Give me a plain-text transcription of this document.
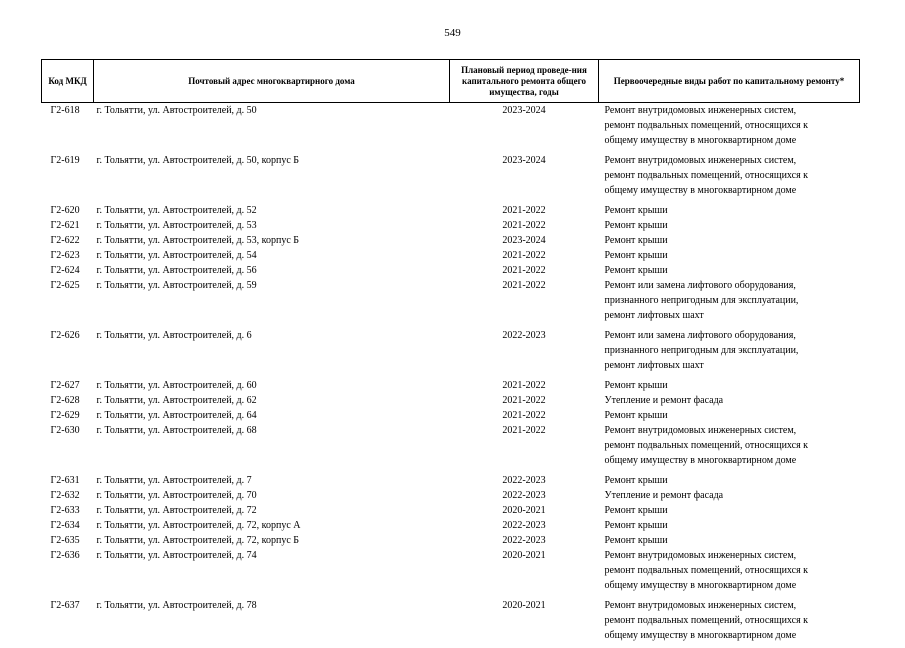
549
Код МКД	Почтовый адрес многоквартирного дома	Плановый период проведе-ния капитального ремонта общего имущества, годы	Первоочередные виды работ по капитальному ремонту*
Г2-618	г. Тольятти, ул. Автостроителей, д. 50	2023-2024	Ремонт внутридомовых инженерных систем,
ремонт подвальных помещений, относящихся к
общему имуществу в многоквартирном доме

Г2-619	г. Тольятти, ул. Автостроителей, д. 50, корпус Б	2023-2024	Ремонт внутридомовых инженерных систем,
ремонт подвальных помещений, относящихся к
общему имуществу в многоквартирном доме

Г2-620	г. Тольятти, ул. Автостроителей, д. 52	2021-2022	Ремонт крыши

Г2-621	г. Тольятти, ул. Автостроителей, д. 53	2021-2022	Ремонт крыши

Г2-622	г. Тольятти, ул. Автостроителей, д. 53, корпус Б	2023-2024	Ремонт крыши

Г2-623	г. Тольятти, ул. Автостроителей, д. 54	2021-2022	Ремонт крыши

Г2-624	г. Тольятти, ул. Автостроителей, д. 56	2021-2022	Ремонт крыши

Г2-625	г. Тольятти, ул. Автостроителей, д. 59	2021-2022	Ремонт или замена лифтового оборудования,
признанного непригодным для эксплуатации,
ремонт лифтовых шахт

Г2-626	г. Тольятти, ул. Автостроителей, д. 6	2022-2023	Ремонт или замена лифтового оборудования,
признанного непригодным для эксплуатации,
ремонт лифтовых шахт

Г2-627	г. Тольятти, ул. Автостроителей, д. 60	2021-2022	Ремонт крыши

Г2-628	г. Тольятти, ул. Автостроителей, д. 62	2021-2022	Утепление и ремонт фасада

Г2-629	г. Тольятти, ул. Автостроителей, д. 64	2021-2022	Ремонт крыши

Г2-630	г. Тольятти, ул. Автостроителей, д. 68	2021-2022	Ремонт внутридомовых инженерных систем,
ремонт подвальных помещений, относящихся к
общему имуществу в многоквартирном доме

Г2-631	г. Тольятти, ул. Автостроителей, д. 7	2022-2023	Ремонт крыши

Г2-632	г. Тольятти, ул. Автостроителей, д. 70	2022-2023	Утепление и ремонт фасада

Г2-633	г. Тольятти, ул. Автостроителей, д. 72	2020-2021	Ремонт крыши

Г2-634	г. Тольятти, ул. Автостроителей, д. 72, корпус А	2022-2023	Ремонт крыши

Г2-635	г. Тольятти, ул. Автостроителей, д. 72, корпус Б	2022-2023	Ремонт крыши

Г2-636	г. Тольятти, ул. Автостроителей, д. 74	2020-2021	Ремонт внутридомовых инженерных систем,
ремонт подвальных помещений, относящихся к
общему имуществу в многоквартирном доме

Г2-637	г. Тольятти, ул. Автостроителей, д. 78	2020-2021	Ремонт внутридомовых инженерных систем,
ремонт подвальных помещений, относящихся к
общему имуществу в многоквартирном доме
